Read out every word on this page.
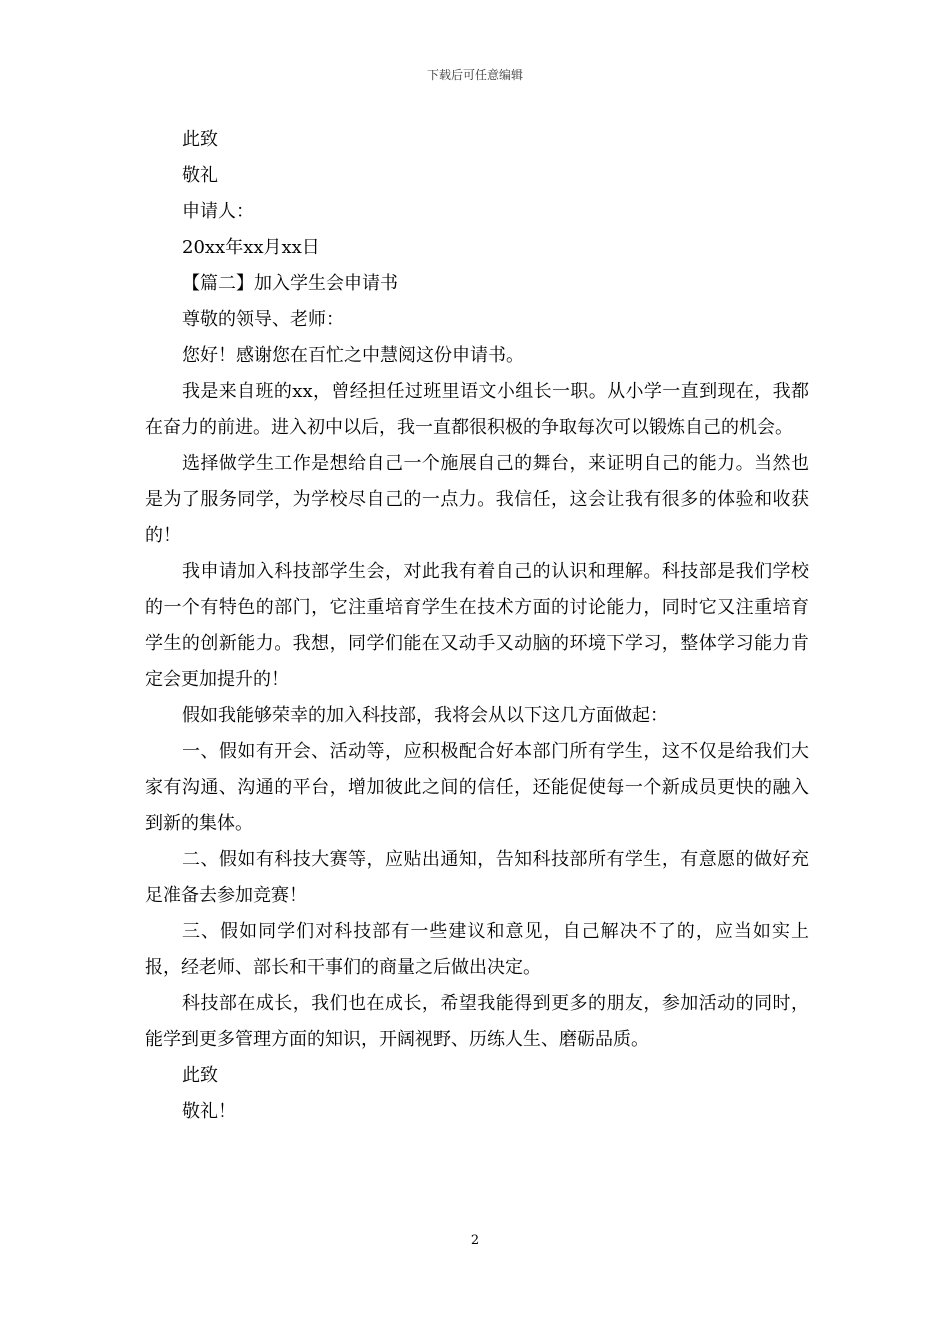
下载后可任意编辑
此致
敬礼
申请人：
20xx年xx月xx日
【篇二】加入学生会申请书
尊敬的领导、老师：
您好！感谢您在百忙之中慧阅这份申请书。

我是来自班的xx，曾经担任过班里语文小组长一职。从小学一直到现在，我都在奋力的前进。进入初中以后，我一直都很积极的争取每次可以锻炼自己的机会。

选择做学生工作是想给自己一个施展自己的舞台，来证明自己的能力。当然也是为了服务同学，为学校尽自己的一点力。我信任，这会让我有很多的体验和收获的！

我申请加入科技部学生会，对此我有着自己的认识和理解。科技部是我们学校的一个有特色的部门，它注重培育学生在技术方面的讨论能力，同时它又注重培育学生的创新能力。我想，同学们能在又动手又动脑的环境下学习，整体学习能力肯定会更加提升的！

假如我能够荣幸的加入科技部，我将会从以下这几方面做起：

一、假如有开会、活动等，应积极配合好本部门所有学生，这不仅是给我们大家有沟通、沟通的平台，增加彼此之间的信任，还能促使每一个新成员更快的融入到新的集体。

二、假如有科技大赛等，应贴出通知，告知科技部所有学生，有意愿的做好充足准备去参加竞赛！

三、假如同学们对科技部有一些建议和意见，自己解决不了的，应当如实上报，经老师、部长和干事们的商量之后做出决定。

科技部在成长，我们也在成长，希望我能得到更多的朋友，参加活动的同时，能学到更多管理方面的知识，开阔视野、历练人生、磨砺品质。

此致
敬礼！
2
